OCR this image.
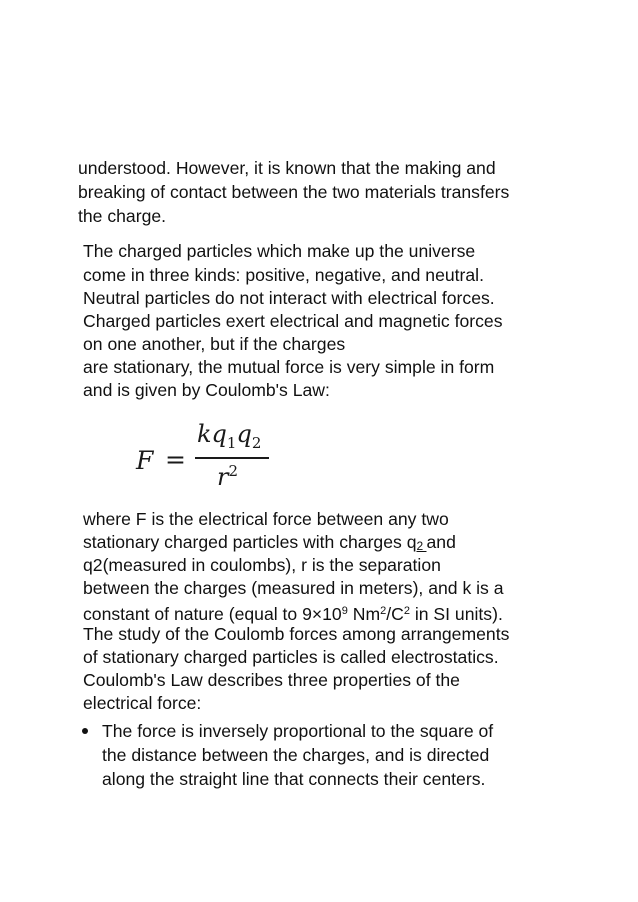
understood. However, it is known that the making and
breaking of contact between the two materials transfers
the charge.
The charged particles which make up the universe
come in three kinds: positive, negative, and neutral.
Neutral particles do not interact with electrical forces.
Charged particles exert electrical and magnetic forces
on one another, but if the charges
are stationary, the mutual force is very simple in form
and is given by Coulomb's Law:
F =
$kq_1q_2$
$r^2$
where F is the electrical force between any two
stationary charged particles with charges q2 and
q2(measured in coulombs), r is the separation
between the charges (measured in meters), and k is a
constant of nature (equal to $9\times 10^9$ $Nm^2/C^2$ in SI units).
The study of the Coulomb forces among arrangements
of stationary charged particles is called electrostatics.
Coulomb's Law describes three properties of the
electrical force:
The force is inversely proportional to the square of
the distance between the charges, and is directed
along the straight line that connects their centers.
